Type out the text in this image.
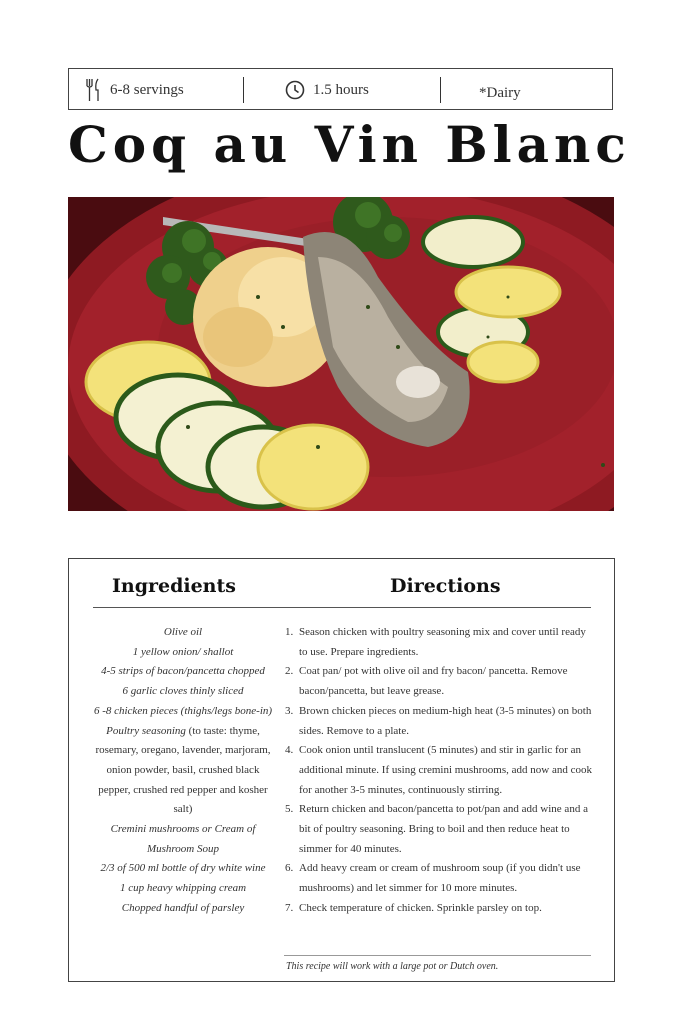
6-8 servings	1.5 hours	*Dairy
Coq au Vin Blanc
Ingredients	Directions
Olive oil
1 yellow onion/ shallot
4-5 strips of bacon/pancetta chopped
6 garlic cloves thinly sliced
6 -8 chicken pieces (thighs/legs bone-in)
Poultry seasoning (to taste: thyme, rosemary, oregano, lavender, marjoram, onion powder, basil, crushed black pepper, crushed red pepper and kosher salt)
Cremini mushrooms or Cream of Mushroom Soup
2/3 of 500 ml bottle of dry white wine
1 cup heavy whipping cream
Chopped handful of parsley
1. Season chicken with poultry seasoning mix and cover until ready to use. Prepare ingredients.
2. Coat pan/ pot with olive oil and fry bacon/ pancetta. Remove bacon/pancetta, but leave grease.
3. Brown chicken pieces on medium-high heat (3-5 minutes) on both sides. Remove to a plate.
4. Cook onion until translucent (5 minutes) and stir in garlic for an additional minute. If using cremini mushrooms, add now and cook for another 3-5 minutes, continuously stirring.
5. Return chicken and bacon/pancetta to pot/pan and add wine and a bit of poultry seasoning. Bring to boil and then reduce heat to simmer for 40 minutes.
6. Add heavy cream or cream of mushroom soup (if you didn't use mushrooms) and let simmer for 10 more minutes.
7. Check temperature of chicken. Sprinkle parsley on top.
This recipe will work with a large pot or Dutch oven.
